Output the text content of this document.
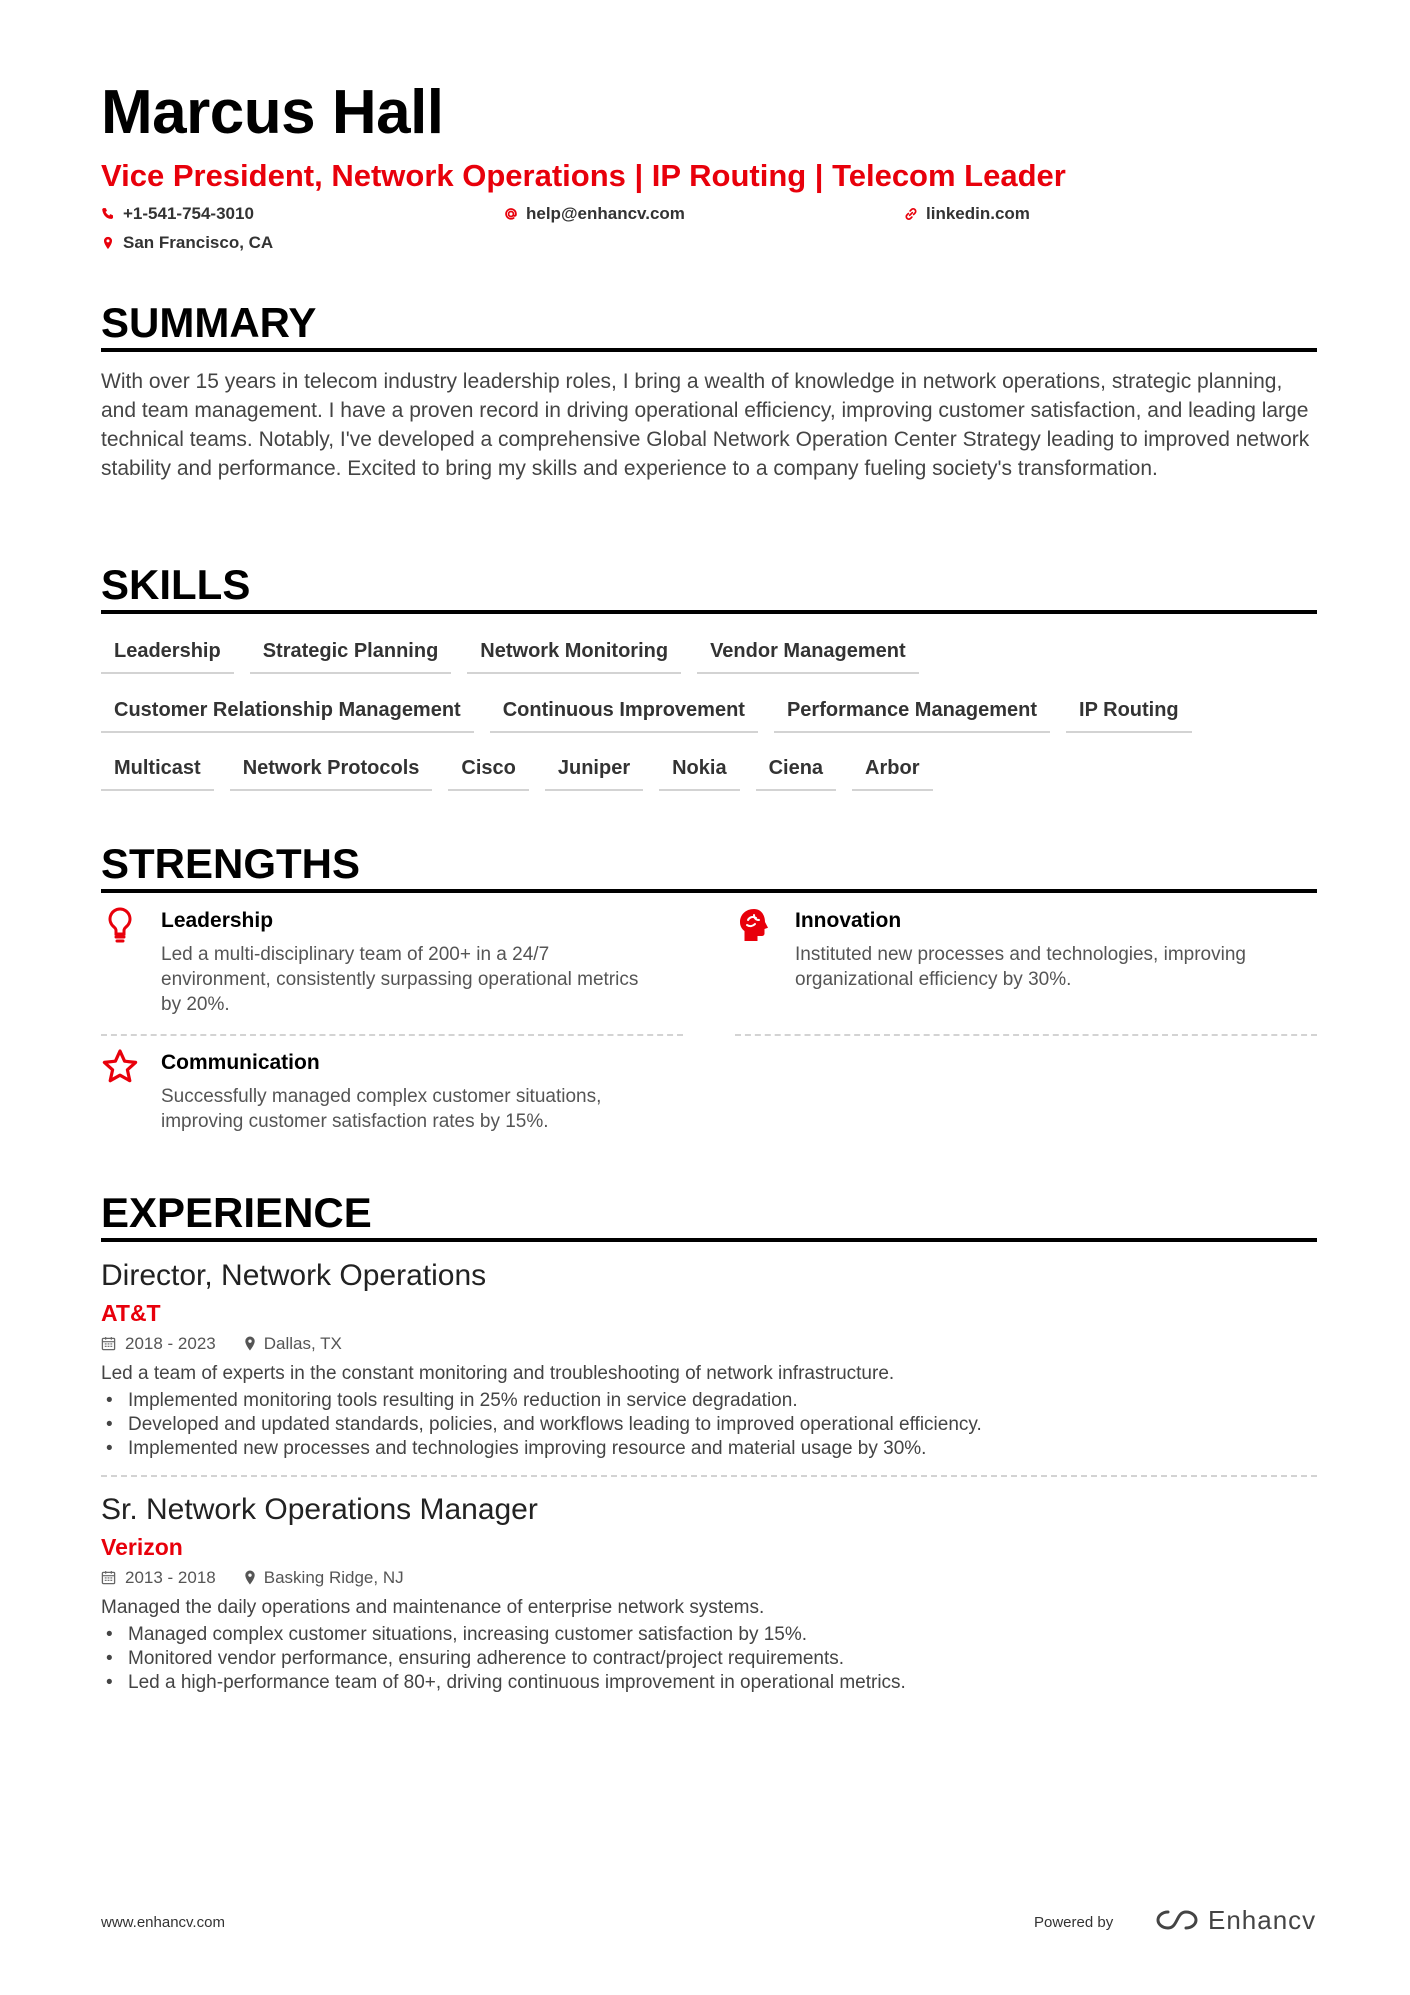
Marcus Hall
Vice President, Network Operations | IP Routing | Telecom Leader
+1-541-754-3010	help@enhancv.com	linkedin.com
San Francisco, CA
SUMMARY

With over 15 years in telecom industry leadership roles, I bring a wealth of knowledge in network operations, strategic planning, and team management. I have a proven record in driving operational efficiency, improving customer satisfaction, and leading large technical teams. Notably, I've developed a comprehensive Global Network Operation Center Strategy leading to improved network stability and performance. Excited to bring my skills and experience to a company fueling society's transformation.

SKILLS
Leadership	Strategic Planning	Network Monitoring	Vendor Management
Customer Relationship Management	Continuous Improvement	Performance Management	IP Routing
Multicast	Network Protocols	Cisco	Juniper	Nokia	Ciena	Arbor
STRENGTHS
Leadership

Led a multi-disciplinary team of 200+ in a 24/7 environment, consistently surpassing operational metrics by 20%.

Innovation

Instituted new processes and technologies, improving organizational efficiency by 30%.

Communication

Successfully managed complex customer situations, improving customer satisfaction rates by 15%.

EXPERIENCE
Director, Network Operations
AT&T
2018 - 2023	Dallas, TX
Led a team of experts in the constant monitoring and troubleshooting of network infrastructure.
• Implemented monitoring tools resulting in 25% reduction in service degradation.
• Developed and updated standards, policies, and workflows leading to improved operational efficiency.
• Implemented new processes and technologies improving resource and material usage by 30%.
Sr. Network Operations Manager
Verizon
2013 - 2018	Basking Ridge, NJ
Managed the daily operations and maintenance of enterprise network systems.
• Managed complex customer situations, increasing customer satisfaction by 15%.
• Monitored vendor performance, ensuring adherence to contract/project requirements.
• Led a high-performance team of 80+, driving continuous improvement in operational metrics.
www.enhancv.com	Powered by	Enhancv
